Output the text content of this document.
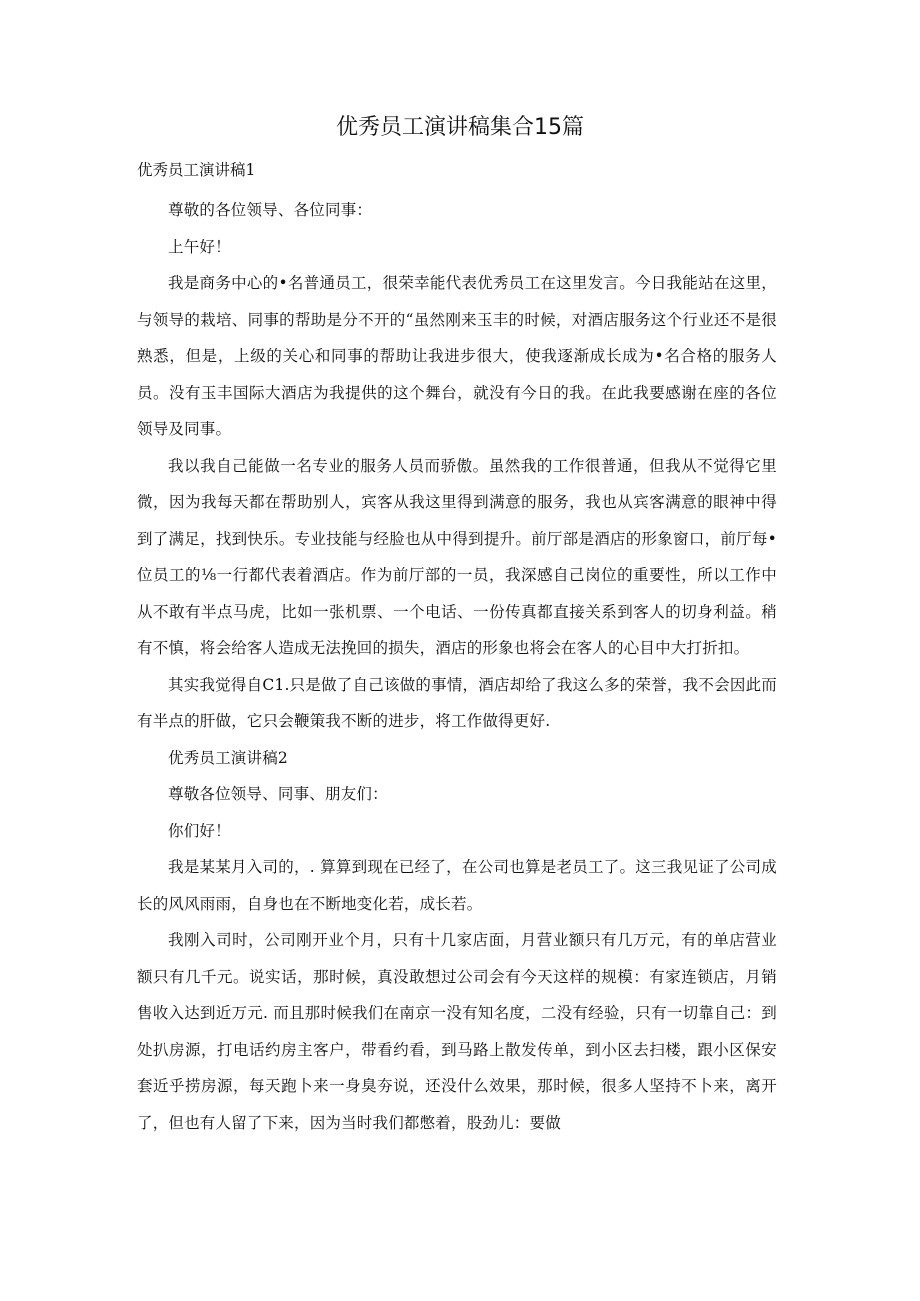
优秀员工演讲稿集合15篇
优秀员工演讲稿1

尊敬的各位领导、各位同事：

上午好！

我是商务中心的•名普通员工，很荣幸能代表优秀员工在这里发言。今日我能站在这里，与领导的栽培、同事的帮助是分不开的“虽然刚来玉丰的时候，对酒店服务这个行业还不是很熟悉，但是，上级的关心和同事的帮助让我进步很大，使我逐渐成长成为•名合格的服务人员。没有玉丰国际大酒店为我提供的这个舞台，就没有今日的我。在此我要感谢在座的各位领导及同事。

我以我自己能做一名专业的服务人员而骄傲。虽然我的工作很普通，但我从不觉得它里微，因为我每天都在帮助别人，宾客从我这里得到满意的服务，我也从宾客满意的眼神中得到了满足，找到快乐。专业技能与经脸也从中得到提升。前厅部是酒店的形象窗口，前厅每•位员工的⅛一行都代表着酒店。作为前厅部的一员，我深感自己岗位的重要性，所以工作中从不敢有半点马虎，比如一张机票、一个电话、一份传真都直接关系到客人的切身利益。稍有不慎，将会给客人造成无法挽回的损失，酒店的形象也将会在客人的心目中大打折扣。

其实我觉得自C1.只是做了自己该做的事情，酒店却给了我这么多的荣誉，我不会因此而有半点的肝做，它只会鞭策我不断的进步，将工作做得更好.

优秀员工演讲稿2

尊敬各位领导、同事、朋友们：

你们好！

我是某某月入司的，. 算算到现在已经了，在公司也算是老员工了。这三我见证了公司成长的风风雨雨，自身也在不断地变化若，成长若。

我刚入司时，公司刚开业个月，只有十几家店面，月营业额只有几万元，有的单店营业额只有几千元。说实话，那时候，真没敢想过公司会有今天这样的规模：有家连锁店，月销售收入达到近万元. 而且那时候我们在南京一没有知名度，二没有经验，只有一切靠自己：到处扒房源，打电话约房主客户，带看约看，到马路上散发传单，到小区去扫楼，跟小区保安套近乎捞房源，每天跑卜来一身臭夯说，还没什么效果，那时候，很多人坚持不卜来，离开了，但也有人留了下来，因为当时我们都憋着，股劲儿：要做
